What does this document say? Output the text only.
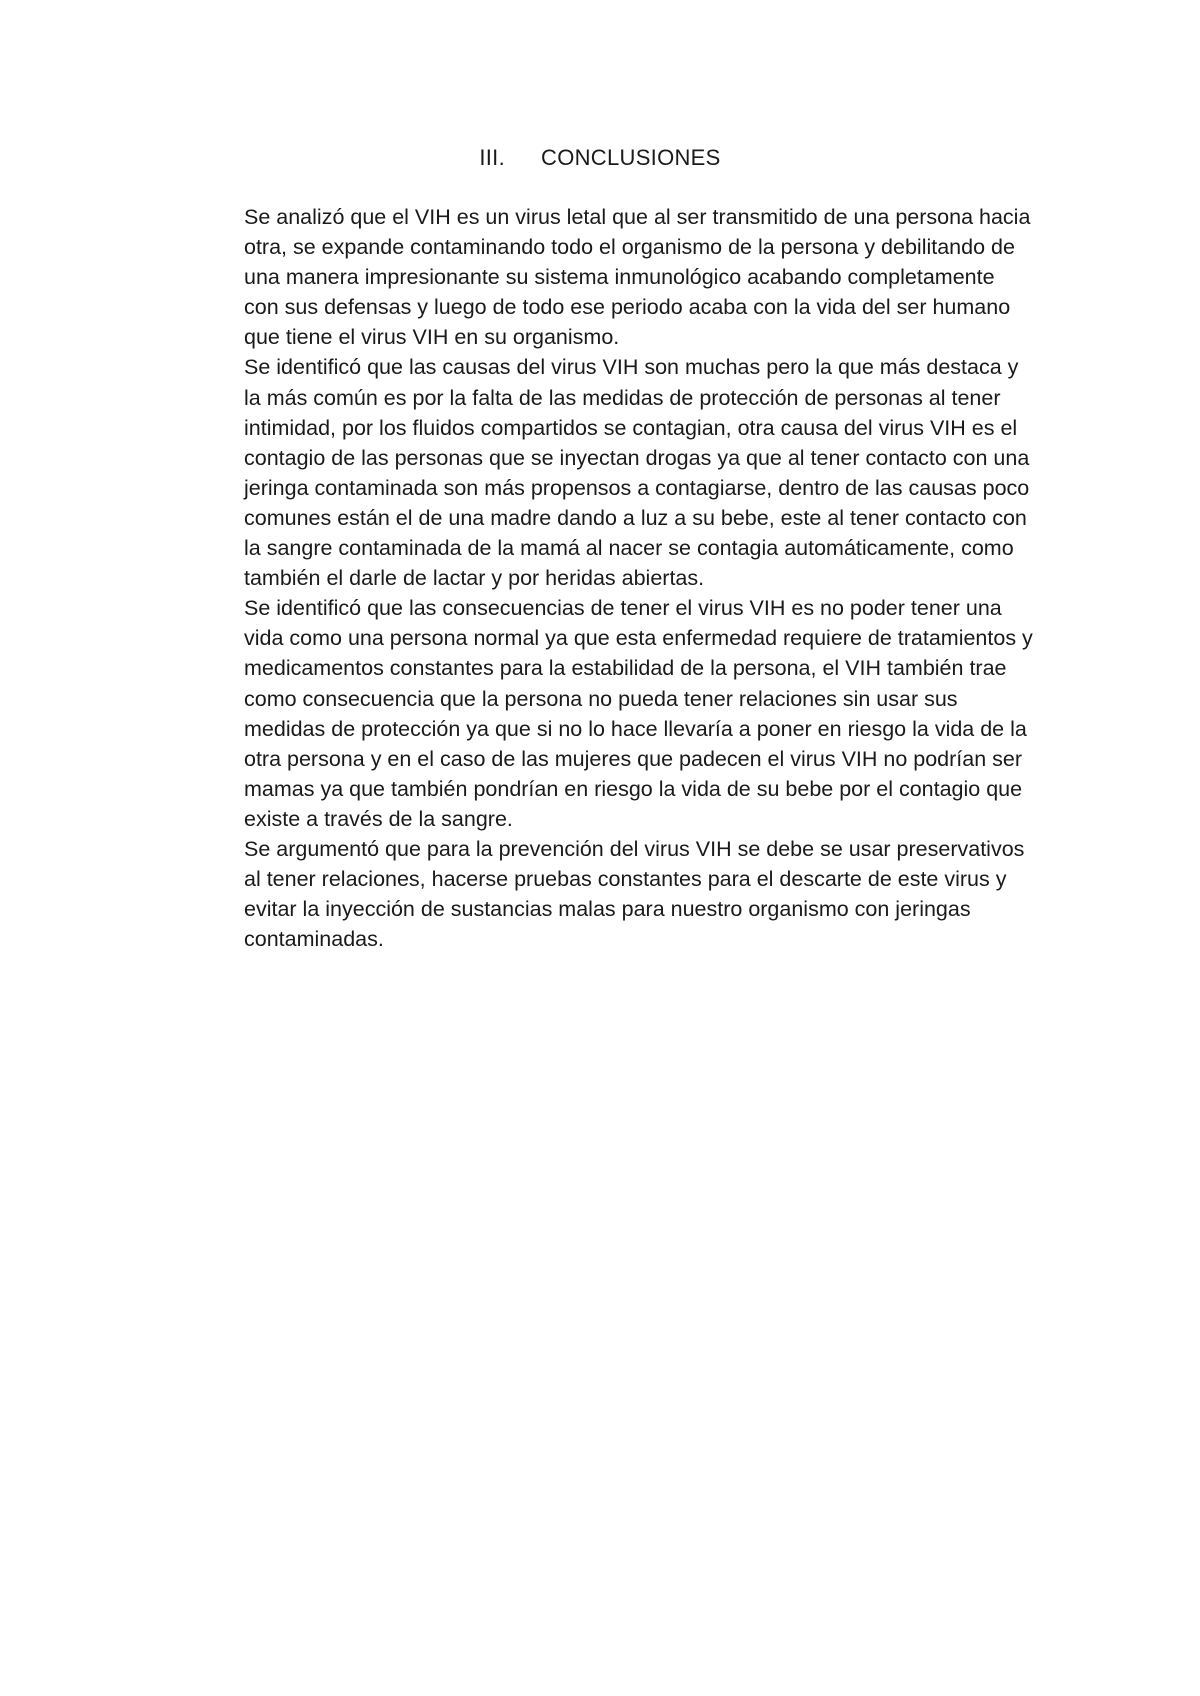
III. CONCLUSIONES

Se analizó que el VIH es un virus letal que al ser transmitido de una persona hacia otra, se expande contaminando todo el organismo de la persona y debilitando de una manera impresionante su sistema inmunológico acabando completamente con sus defensas y luego de todo ese periodo acaba con la vida del ser humano que tiene el virus VIH en su organismo.

Se identificó que las causas del virus VIH son muchas pero la que más destaca y la más común es por la falta de las medidas de protección de personas al tener intimidad, por los fluidos compartidos se contagian, otra causa del virus VIH es el contagio de las personas que se inyectan drogas ya que al tener contacto con una jeringa contaminada son más propensos a contagiarse, dentro de las causas poco comunes están el de una madre dando a luz a su bebe, este al tener contacto con la sangre contaminada de la mamá al nacer se contagia automáticamente, como también el darle de lactar y por heridas abiertas.

Se identificó que las consecuencias de tener el virus VIH es no poder tener una vida como una persona normal ya que esta enfermedad requiere de tratamientos y medicamentos constantes para la estabilidad de la persona, el VIH también trae como consecuencia que la persona no pueda tener relaciones sin usar sus medidas de protección ya que si no lo hace llevaría a poner en riesgo la vida de la otra persona y en el caso de las mujeres que padecen el virus VIH no podrían ser mamas ya que también pondrían en riesgo la vida de su bebe por el contagio que existe a través de la sangre.

Se argumentó que para la prevención del virus VIH se debe se usar preservativos al tener relaciones, hacerse pruebas constantes para el descarte de este virus y evitar la inyección de sustancias malas para nuestro organismo con jeringas contaminadas.
